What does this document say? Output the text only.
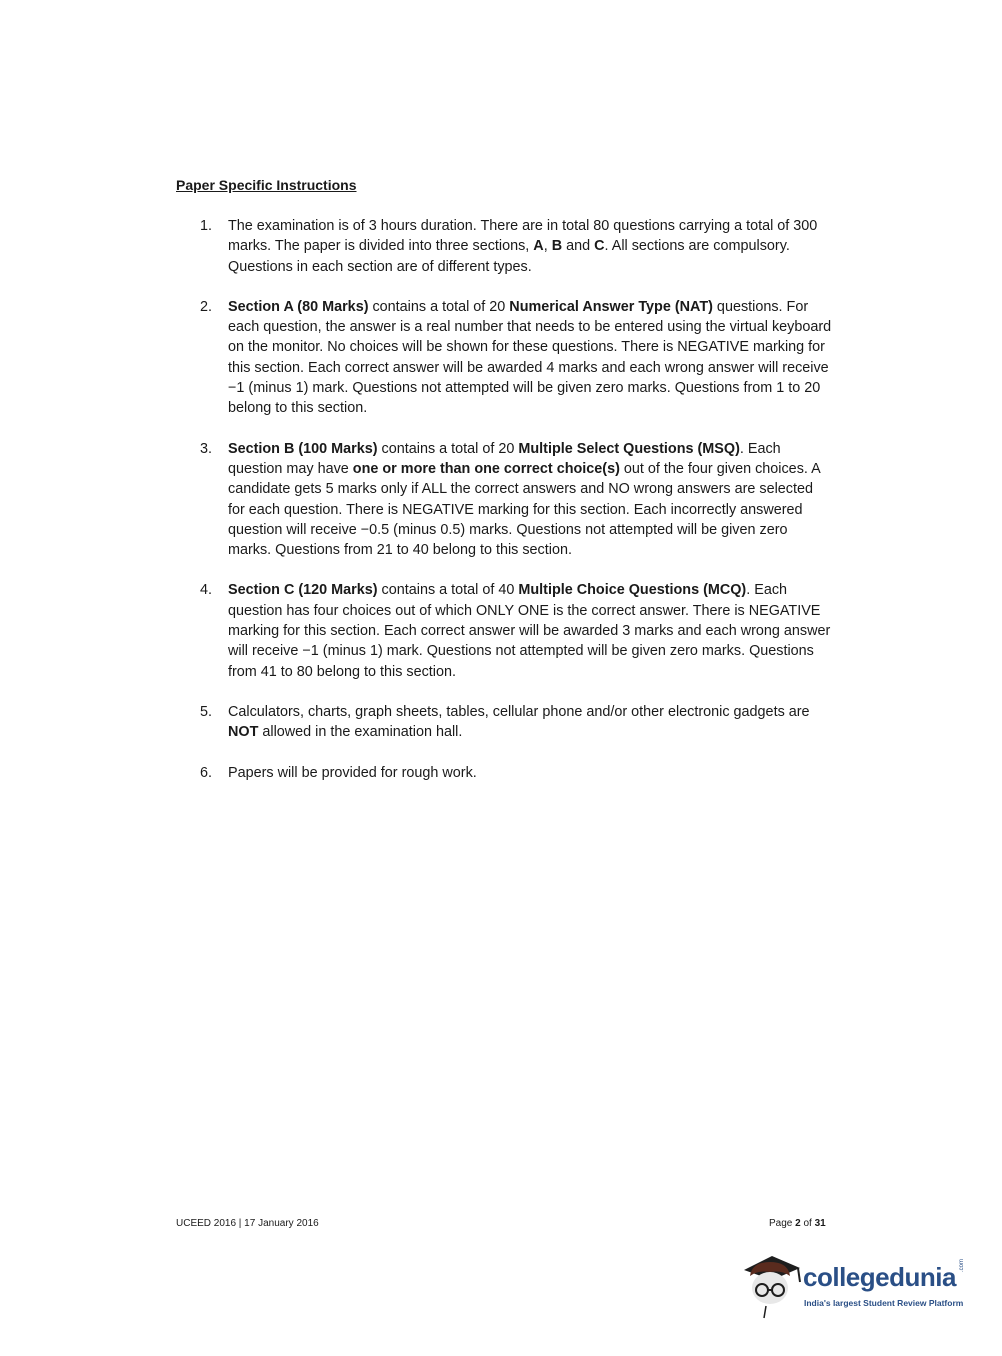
Paper Specific Instructions
1.	The examination is of 3 hours duration. There are in total 80 questions carrying a total of 300 marks. The paper is divided into three sections, A, B and C. All sections are compulsory. Questions in each section are of different types.
2.	Section A (80 Marks) contains a total of 20 Numerical Answer Type (NAT) questions. For each question, the answer is a real number that needs to be entered using the virtual keyboard on the monitor. No choices will be shown for these questions. There is NEGATIVE marking for this section. Each correct answer will be awarded 4 marks and each wrong answer will receive −1 (minus 1) mark. Questions not attempted will be given zero marks. Questions from 1 to 20 belong to this section.
3.	Section B (100 Marks) contains a total of 20 Multiple Select Questions (MSQ). Each question may have one or more than one correct choice(s) out of the four given choices. A candidate gets 5 marks only if ALL the correct answers and NO wrong answers are selected for each question. There is NEGATIVE marking for this section. Each incorrectly answered question will receive −0.5 (minus 0.5) marks. Questions not attempted will be given zero marks. Questions from 21 to 40 belong to this section.
4.	Section C (120 Marks) contains a total of 40 Multiple Choice Questions (MCQ). Each question has four choices out of which ONLY ONE is the correct answer. There is NEGATIVE marking for this section. Each correct answer will be awarded 3 marks and each wrong answer will receive −1 (minus 1) mark. Questions not attempted will be given zero marks. Questions from 41 to 80 belong to this section.
5.	Calculators, charts, graph sheets, tables, cellular phone and/or other electronic gadgets are NOT allowed in the examination hall.
6.	Papers will be provided for rough work.
UCEED 2016 | 17 January 2016	Page 2 of 31
collegedunia .com
India's largest Student Review Platform
